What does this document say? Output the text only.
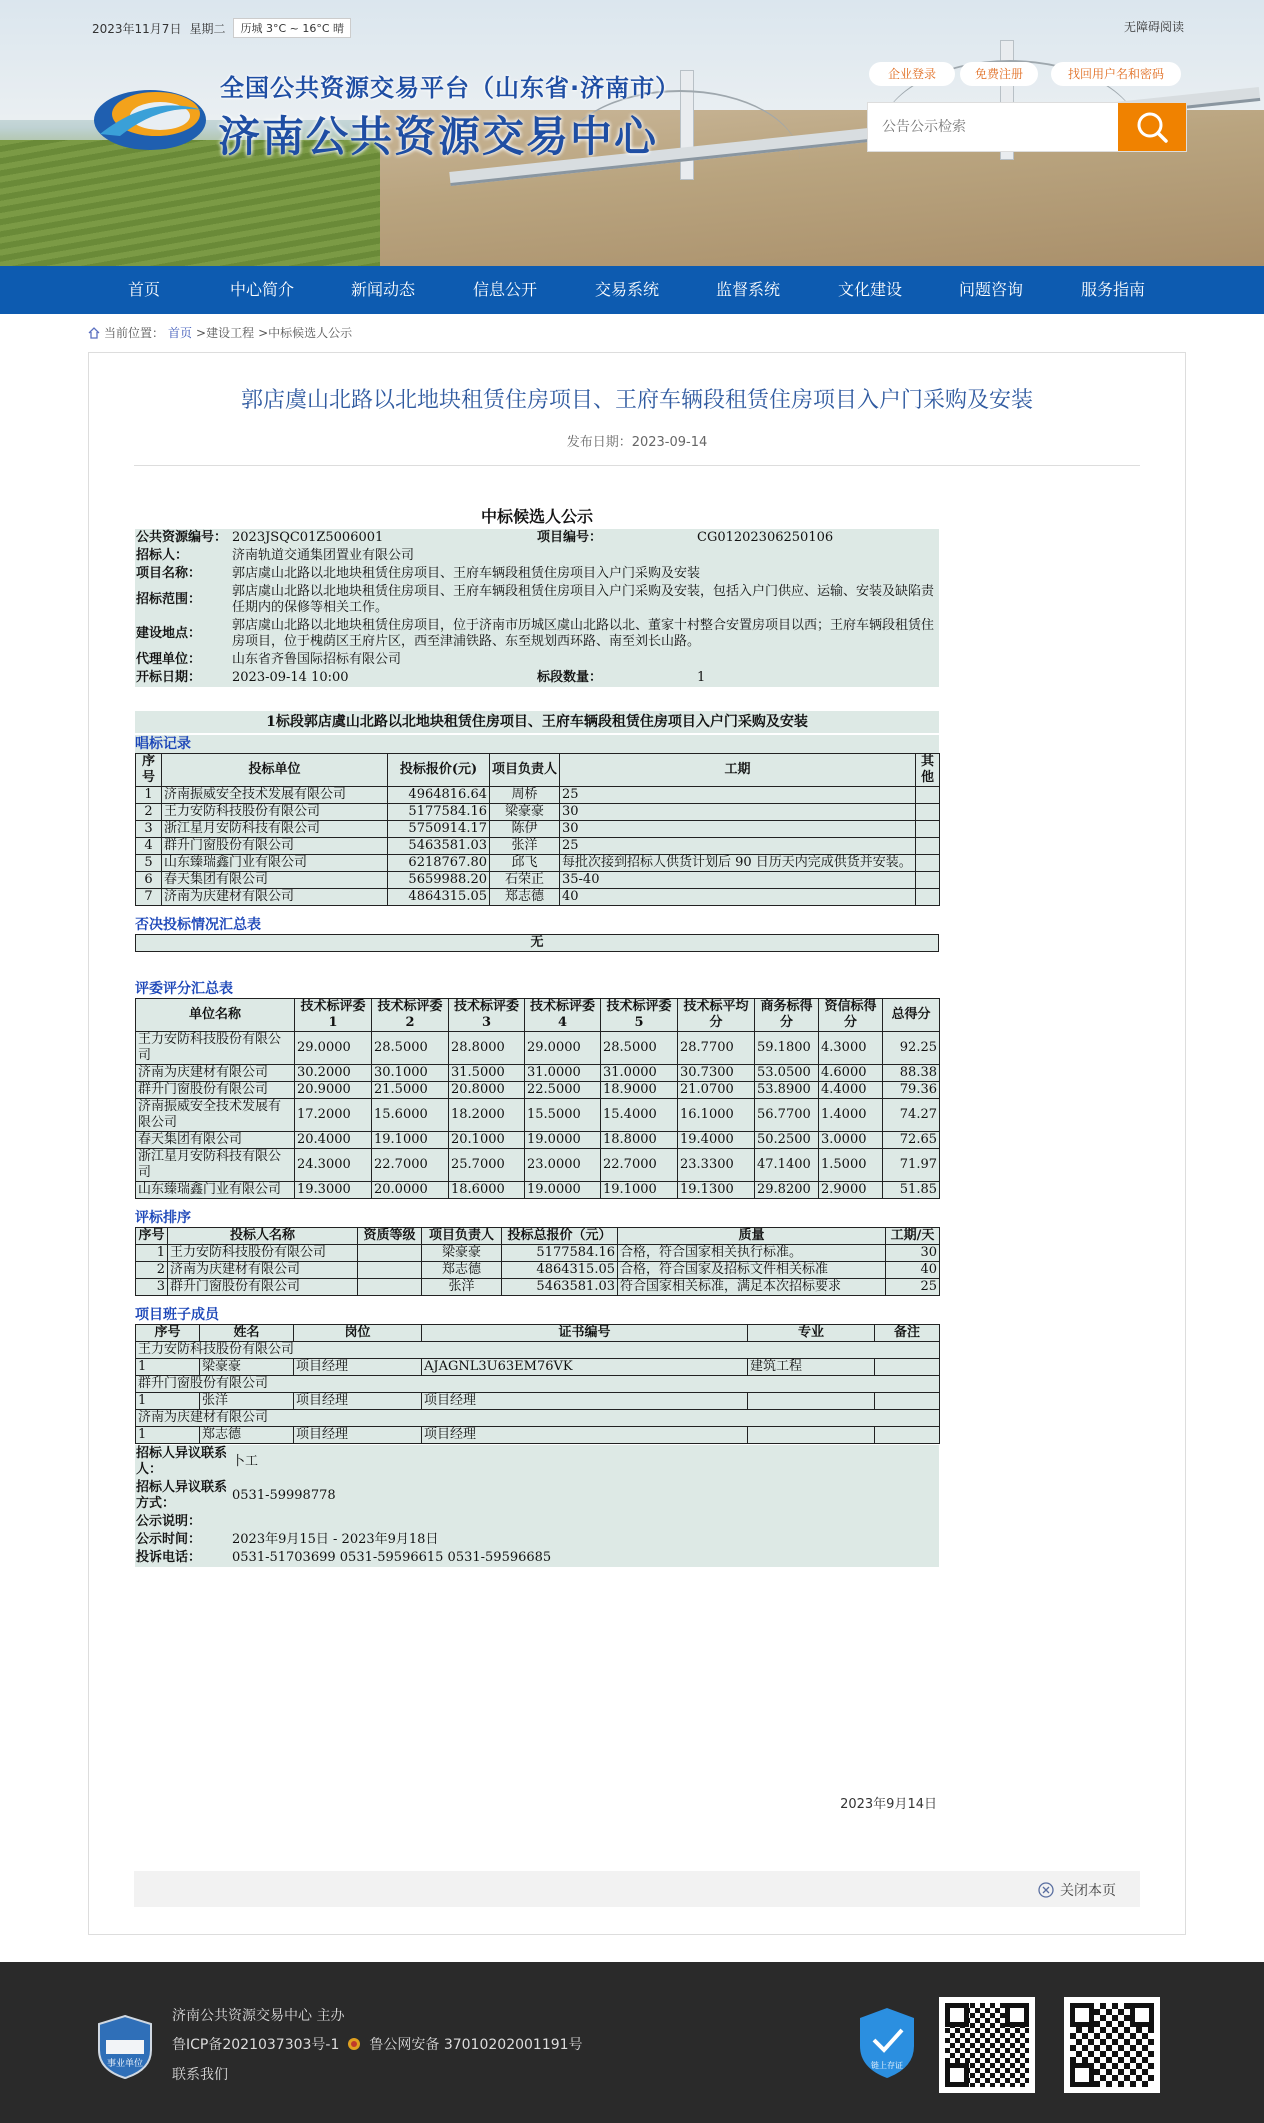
2023年11月7日 星期二	历城 3°C ~ 16°C 晴	无障碍阅读
全国公共资源交易平台（山东省·济南市）
济南公共资源交易中心
企业登录	免费注册	找回用户名和密码
公告公示检索
首页	中心简介	新闻动态	信息公开	交易系统	监督系统	文化建设	问题咨询	服务指南
当前位置： 首页 >建设工程 >中标候选人公示
郭店虞山北路以北地块租赁住房项目、王府车辆段租赁住房项目入户门采购及安装
发布日期：2023-09-14
中标候选人公示
公共资源编号：	2023JSQC01Z5006001	项目编号：	CG01202306250106
招标人：	济南轨道交通集团置业有限公司		
项目名称：	郭店虞山北路以北地块租赁住房项目、王府车辆段租赁住房项目入户门采购及安装		
招标范围：	郭店虞山北路以北地块租赁住房项目、王府车辆段租赁住房项目入户门采购及安装，包括入户门供应、运输、安装及缺陷责任期内的保修等相关工作。		
建设地点：	郭店虞山北路以北地块租赁住房项目，位于济南市历城区虞山北路以北、董家十村整合安置房项目以西；王府车辆段租赁住房项目，位于槐荫区王府片区，西至津浦铁路、东至规划西环路、南至刘长山路。		
代理单位：	山东省齐鲁国际招标有限公司		
开标日期：	2023-09-14 10:00	标段数量：	1
1标段郭店虞山北路以北地块租赁住房项目、王府车辆段租赁住房项目入户门采购及安装
唱标记录
序号	投标单位	投标报价(元)	项目负责人	工期	其他
1	济南振威安全技术发展有限公司	4964816.64	周桥	25	
2	王力安防科技股份有限公司	5177584.16	梁豪豪	30	
3	浙江星月安防科技有限公司	5750914.17	陈伊	30	
4	群升门窗股份有限公司	5463581.03	张洋	25	
5	山东臻瑞鑫门业有限公司	6218767.80	邱飞	每批次接到招标人供货计划后 90 日历天内完成供货并安装。	
6	春天集团有限公司	5659988.20	石荣正	35-40	
7	济南为庆建材有限公司	4864315.05	郑志德	40	
否决投标情况汇总表
无
评委评分汇总表
单位名称	技术标评委1	技术标评委2	技术标评委3	技术标评委4	技术标评委5	技术标平均分	商务标得分	资信标得分	总得分
王力安防科技股份有限公司	29.0000	28.5000	28.8000	29.0000	28.5000	28.7700	59.1800	4.3000	92.25
济南为庆建材有限公司	30.2000	30.1000	31.5000	31.0000	31.0000	30.7300	53.0500	4.6000	88.38
群升门窗股份有限公司	20.9000	21.5000	20.8000	22.5000	18.9000	21.0700	53.8900	4.4000	79.36
济南振威安全技术发展有限公司	17.2000	15.6000	18.2000	15.5000	15.4000	16.1000	56.7700	1.4000	74.27
春天集团有限公司	20.4000	19.1000	20.1000	19.0000	18.8000	19.4000	50.2500	3.0000	72.65
浙江星月安防科技有限公司	24.3000	22.7000	25.7000	23.0000	22.7000	23.3300	47.1400	1.5000	71.97
山东臻瑞鑫门业有限公司	19.3000	20.0000	18.6000	19.0000	19.1000	19.1300	29.8200	2.9000	51.85
评标排序
序号	投标人名称	资质等级	项目负责人	投标总报价（元）	质量	工期/天
1	王力安防科技股份有限公司		梁豪豪	5177584.16	合格，符合国家相关执行标准。	30
2	济南为庆建材有限公司		郑志德	4864315.05	合格，符合国家及招标文件相关标准	40
3	群升门窗股份有限公司		张洋	5463581.03	符合国家相关标准，满足本次招标要求	25
项目班子成员
序号	姓名	岗位	证书编号	专业	备注
王力安防科技股份有限公司					
1	梁豪豪	项目经理	AJAGNL3U63EM76VK	建筑工程	
群升门窗股份有限公司					
1	张洋	项目经理	项目经理		
济南为庆建材有限公司					
1	郑志德	项目经理	项目经理		
招标人异议联系人：	卜工
招标人异议联系方式：	0531-59998778
公示说明：	
公示时间：	2023年9月15日 - 2023年9月18日
投诉电话：	0531-51703699 0531-59596615 0531-59596685
2023年9月14日
关闭本页
事业单位
济南公共资源交易中心 主办
鲁ICP备2021037303号-1 鲁公网安备 37010202001191号
联系我们
链上存证
